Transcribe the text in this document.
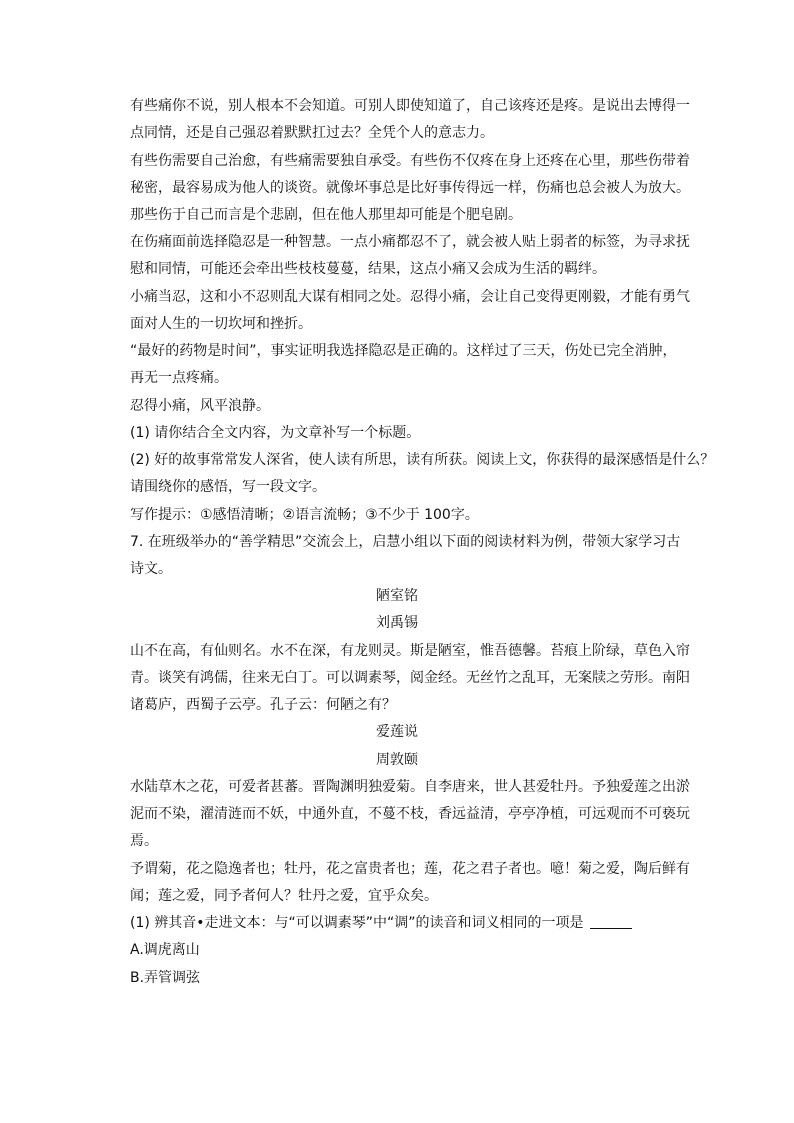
有些痛你不说，别人根本不会知道。可别人即使知道了，自己该疼还是疼。是说出去博得一
点同情，还是自己强忍着默默扛过去？全凭个人的意志力。
有些伤需要自己治愈，有些痛需要独自承受。有些伤不仅疼在身上还疼在心里，那些伤带着
秘密，最容易成为他人的谈资。就像坏事总是比好事传得远一样，伤痛也总会被人为放大。
那些伤于自己而言是个悲剧，但在他人那里却可能是个肥皂剧。
在伤痛面前选择隐忍是一种智慧。一点小痛都忍不了，就会被人贴上弱者的标签，为寻求抚
慰和同情，可能还会牵出些枝枝蔓蔓，结果，这点小痛又会成为生活的羁绊。
小痛当忍，这和小不忍则乱大谋有相同之处。忍得小痛，会让自己变得更刚毅，才能有勇气
面对人生的一切坎坷和挫折。
“最好的药物是时间”，事实证明我选择隐忍是正确的。这样过了三天，伤处已完全消肿，
再无一点疼痛。
忍得小痛，风平浪静。
(1) 请你结合全文内容，为文章补写一个标题。
(2) 好的故事常常发人深省，使人读有所思，读有所获。阅读上文，你获得的最深感悟是什么？
请围绕你的感悟，写一段文字。
写作提示：①感悟清晰；②语言流畅；③不少于 100字。
7. 在班级举办的“善学精思”交流会上，启慧小组以下面的阅读材料为例，带领大家学习古
诗文。
陋室铭
刘禹锡
山不在高，有仙则名。水不在深，有龙则灵。斯是陋室，惟吾德馨。苔痕上阶绿，草色入帘
青。谈笑有鸿儒，往来无白丁。可以调素琴，阅金经。无丝竹之乱耳，无案牍之劳形。南阳
诸葛庐，西蜀子云亭。孔子云：何陋之有？
爱莲说
周敦颐
水陆草木之花，可爱者甚蕃。晋陶渊明独爱菊。自李唐来，世人甚爱牡丹。予独爱莲之出淤
泥而不染，濯清涟而不妖，中通外直，不蔓不枝，香远益清，亭亭净植，可远观而不可亵玩
焉。
予谓菊，花之隐逸者也；牡丹，花之富贵者也；莲，花之君子者也。噫！菊之爱，陶后鲜有
闻；莲之爱，同予者何人？牡丹之爱，宜乎众矣。
(1) 辨其音•走进文本：与“可以调素琴”中“调”的读音和词义相同的一项是
A.调虎离山
B.弄管调弦
